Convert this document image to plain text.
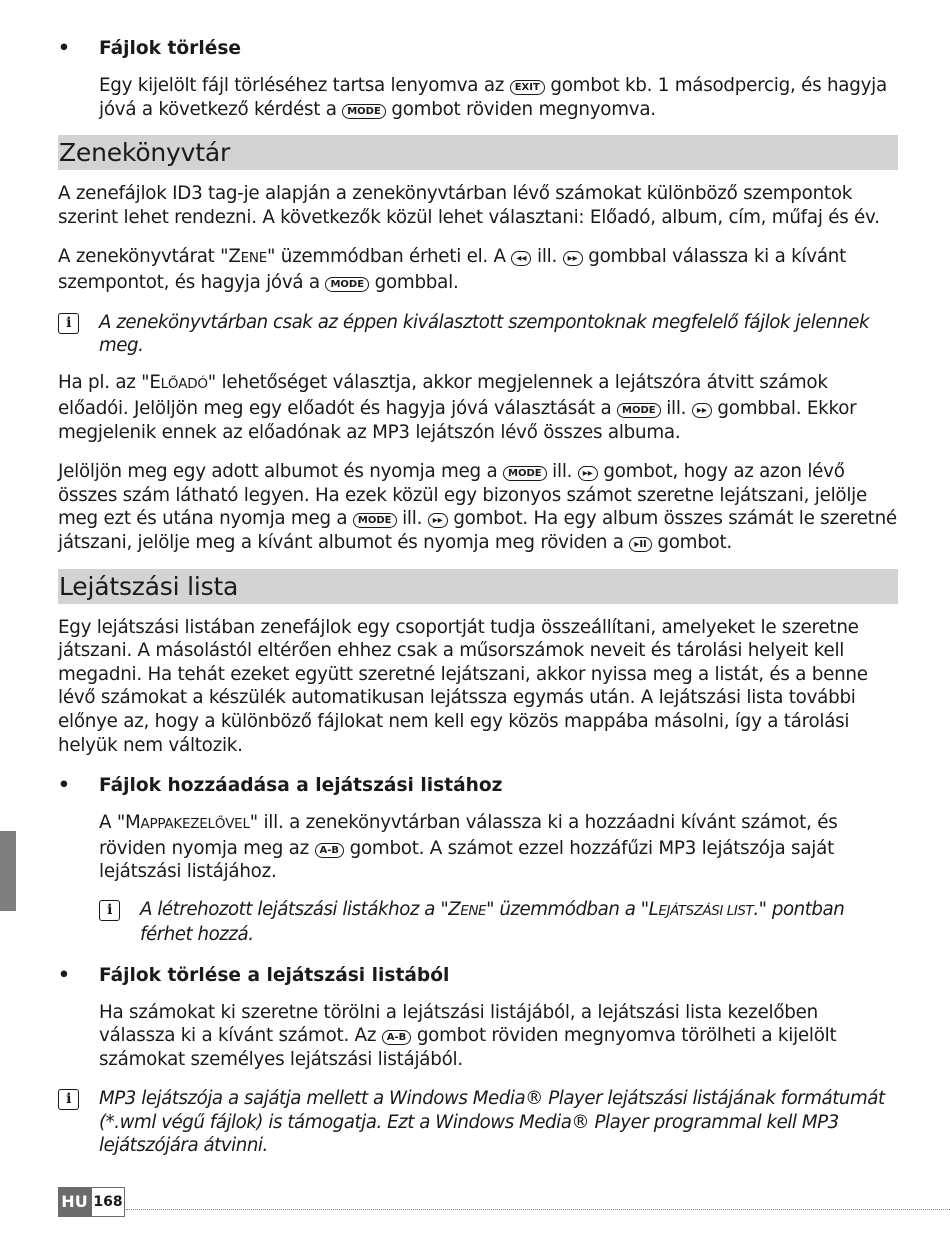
• Fájlok törlése
Egy kijelölt fájl törléséhez tartsa lenyomva az EXIT gombot kb. 1 másodpercig, és hagyja jóvá a következő kérdést a MODE gombot röviden megnyomva.
Zenekönyvtár
A zenefájlok ID3 tag-je alapján a zenekönyvtárban lévő számokat különböző szempontok szerint lehet rendezni. A következők közül lehet választani: Előadó, album, cím, műfaj és év.
A zenekönyvtárat "ZENE" üzemmódban érheti el. A ◂◂ ill. ▸▸ gombbal válassza ki a kívánt szempontot, és hagyja jóvá a MODE gombbal.
i	A zenekönyvtárban csak az éppen kiválasztott szempontoknak megfelelő fájlok jelennek meg.
Ha pl. az "ELŐADÓ" lehetőséget választja, akkor megjelennek a lejátszóra átvitt számok előadói. Jelöljön meg egy előadót és hagyja jóvá választását a MODE ill. ▸▸ gombbal. Ekkor megjelenik ennek az előadónak az MP3 lejátszón lévő összes albuma.
Jelöljön meg egy adott albumot és nyomja meg a MODE ill. ▸▸ gombot, hogy az azon lévő összes szám látható legyen. Ha ezek közül egy bizonyos számot szeretne lejátszani, jelölje meg ezt és utána nyomja meg a MODE ill. ▸▸ gombot. Ha egy album összes számát le szeretné játszani, jelölje meg a kívánt albumot és nyomja meg röviden a ▸II gombot.
Lejátszási lista
Egy lejátszási listában zenefájlok egy csoportját tudja összeállítani, amelyeket le szeretne játszani. A másolástól eltérően ehhez csak a műsorszámok neveit és tárolási helyeit kell megadni. Ha tehát ezeket együtt szeretné lejátszani, akkor nyissa meg a listát, és a benne lévő számokat a készülék automatikusan lejátssza egymás után. A lejátszási lista további előnye az, hogy a különböző fájlokat nem kell egy közös mappába másolni, így a tárolási helyük nem változik.
• Fájlok hozzáadása a lejátszási listához
A "MAPPAKEZELŐVEL" ill. a zenekönyvtárban válassza ki a hozzáadni kívánt számot, és röviden nyomja meg az A-B gombot. A számot ezzel hozzáfűzi MP3 lejátszója saját lejátszási listájához.
i	A létrehozott lejátszási listákhoz a "ZENE" üzemmódban a "LEJÁTSZÁSI LIST." pontban férhet hozzá.
• Fájlok törlése a lejátszási listából
Ha számokat ki szeretne törölni a lejátszási listájából, a lejátszási lista kezelőben válassza ki a kívánt számot. Az A-B gombot röviden megnyomva törölheti a kijelölt számokat személyes lejátszási listájából.
i	MP3 lejátszója a sajátja mellett a Windows Media® Player lejátszási listájának formátumát (*.wml végű fájlok) is támogatja. Ezt a Windows Media® Player programmal kell MP3 lejátszójára átvinni.
HU 168
